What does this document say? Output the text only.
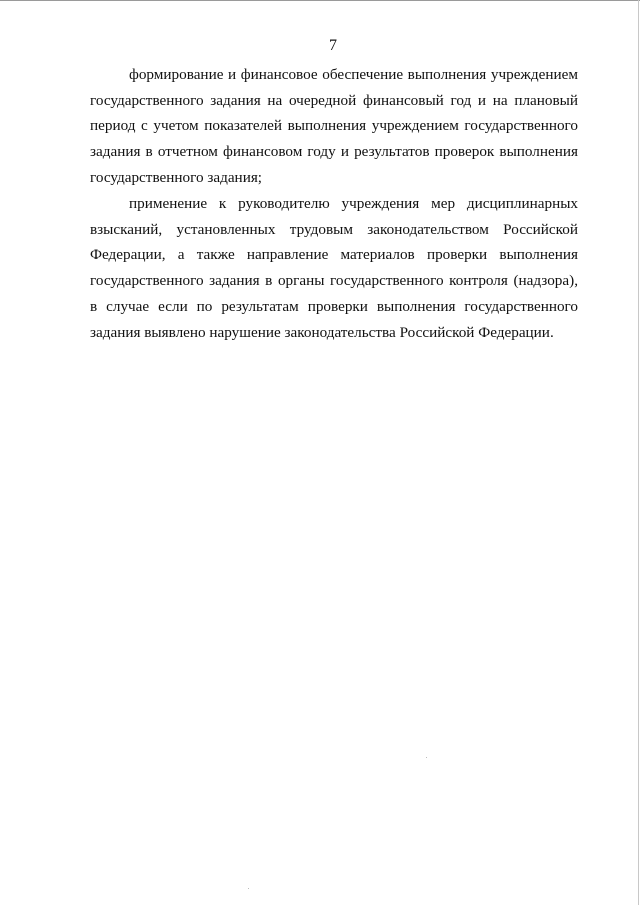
7

формирование и финансовое обеспечение выполнения учреждением государственного задания на очередной финансовый год и на плановый период с учетом показателей выполнения учреждением государственного задания в отчетном финансовом году и результатов проверок выполнения государственного задания;

применение к руководителю учреждения мер дисциплинарных взысканий, установленных трудовым законодательством Российской Федерации, а также направление материалов проверки выполнения государственного задания в органы государственного контроля (надзора), в случае если по результатам проверки выполнения государственного задания выявлено нарушение законодательства Российской Федерации.
